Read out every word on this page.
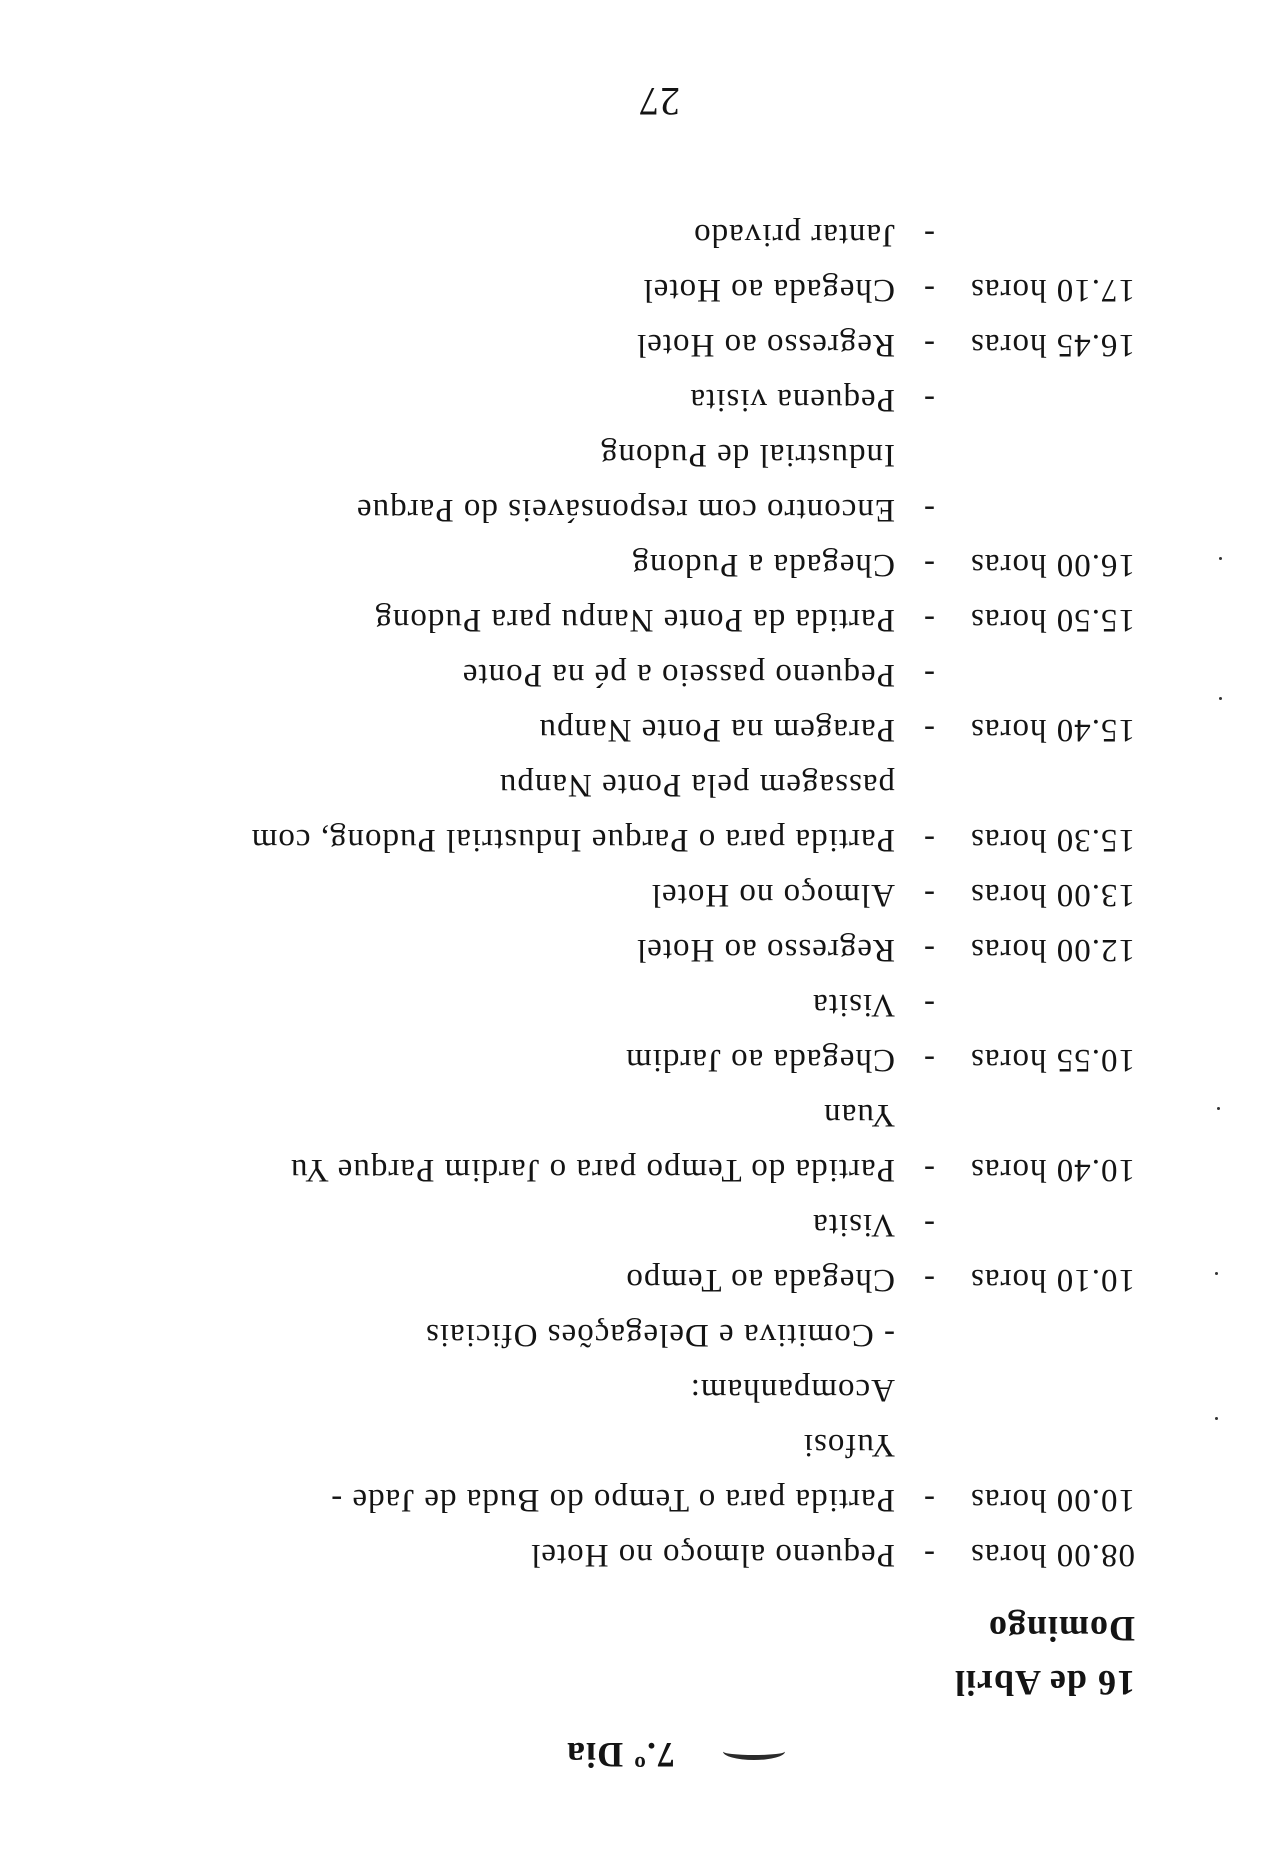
7.º Dia
16 de Abril
Domingo
08.00 horas
-
Pequeno almoço no Hotel
10.00 horas
-
Partida para o Tempo do Buda de Jade -
Yufosi
Acompanham:
- Comitiva e Delegações Oficiais
10.10 horas
-
Chegada ao Tempo
-
Visita
10.40 horas
-
Partida do Tempo para o Jardim Parque Yu
Yuan
10.55 horas
-
Chegada ao Jardim
-
Visita
12.00 horas
-
Regresso ao Hotel
13.00 horas
-
Almoço no Hotel
15.30 horas
-
Partida para o Parque Industrial Pudong, com
passagem pela Ponte Nanpu
15.40 horas
-
Paragem na Ponte Nanpu
-
Pequeno passeio a pé na Ponte
15.50 horas
-
Partida da Ponte Nanpu para Pudong
16.00 horas
-
Chegada a Pudong
-
Encontro com responsáveis do Parque
Industrial de Pudong
-
Pequena visita
16.45 horas
-
Regresso ao Hotel
17.10 horas
-
Chegada ao Hotel
-
Jantar privado
27
